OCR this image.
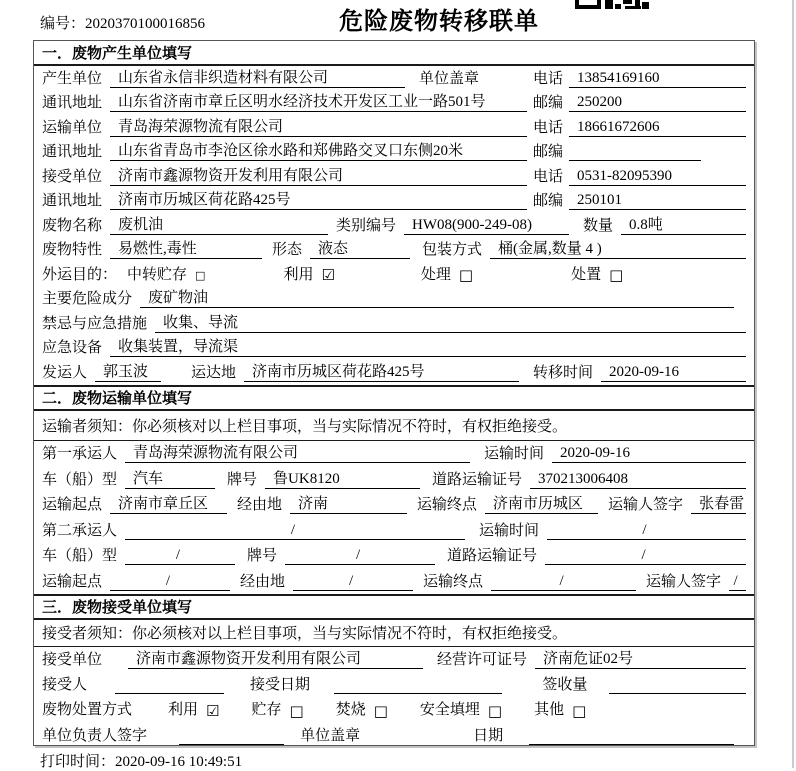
编号：2020370100016856	危险废物转移联单
一．废物产生单位填写
产生单位	山东省永信非织造材料有限公司	单位盖章	电话 13854169160
通讯地址	山东省济南市章丘区明水经济技术开发区工业一路501号	邮编 250200
运输单位	青岛海荣源物流有限公司	电话 18661672606
通讯地址	山东省青岛市李沧区徐水路和郑佛路交叉口东侧20米	邮编
接受单位	济南市鑫源物资开发利用有限公司	电话 0531-82095390
通讯地址	济南市历城区荷花路425号	邮编 250101
废物名称	废机油	类别编号	HW08(900-249-08)	数量	0.8吨
废物特性	易燃性,毒性	形态	液态	包装方式	桶(金属,数量 4 )
外运目的： 中转贮存 □	利用 ☑	处理 □	处置 □
主要危险成分	废矿物油
禁忌与应急措施	收集、导流
应急设备	收集装置，导流渠
发运人	郭玉波	运达地	济南市历城区荷花路425号	转移时间	2020-09-16
二．废物运输单位填写
运输者须知：你必须核对以上栏目事项，当与实际情况不符时，有权拒绝接受。
第一承运人	青岛海荣源物流有限公司	运输时间	2020-09-16
车（船）型	汽车	牌号	鲁UK8120	道路运输证号	370213006408
运输起点	济南市章丘区	经由地	济南	运输终点	济南市历城区	运输人签字	张春雷
第二承运人	/	运输时间	/
车（船）型	/	牌号	/	道路运输证号	/
运输起点	/	经由地	/	运输终点	/	运输人签字 /
三．废物接受单位填写
接受者须知：你必须核对以上栏目事项，当与实际情况不符时，有权拒绝接受。
接受单位	济南市鑫源物资开发利用有限公司	经营许可证号	济南危证02号
接受人	接受日期	签收量
废物处置方式 利用 ☑ 贮存 □ 焚烧 □ 安全填埋 □ 其他 □
单位负责人签字	单位盖章	日期
打印时间：2020-09-16 10:49:51
